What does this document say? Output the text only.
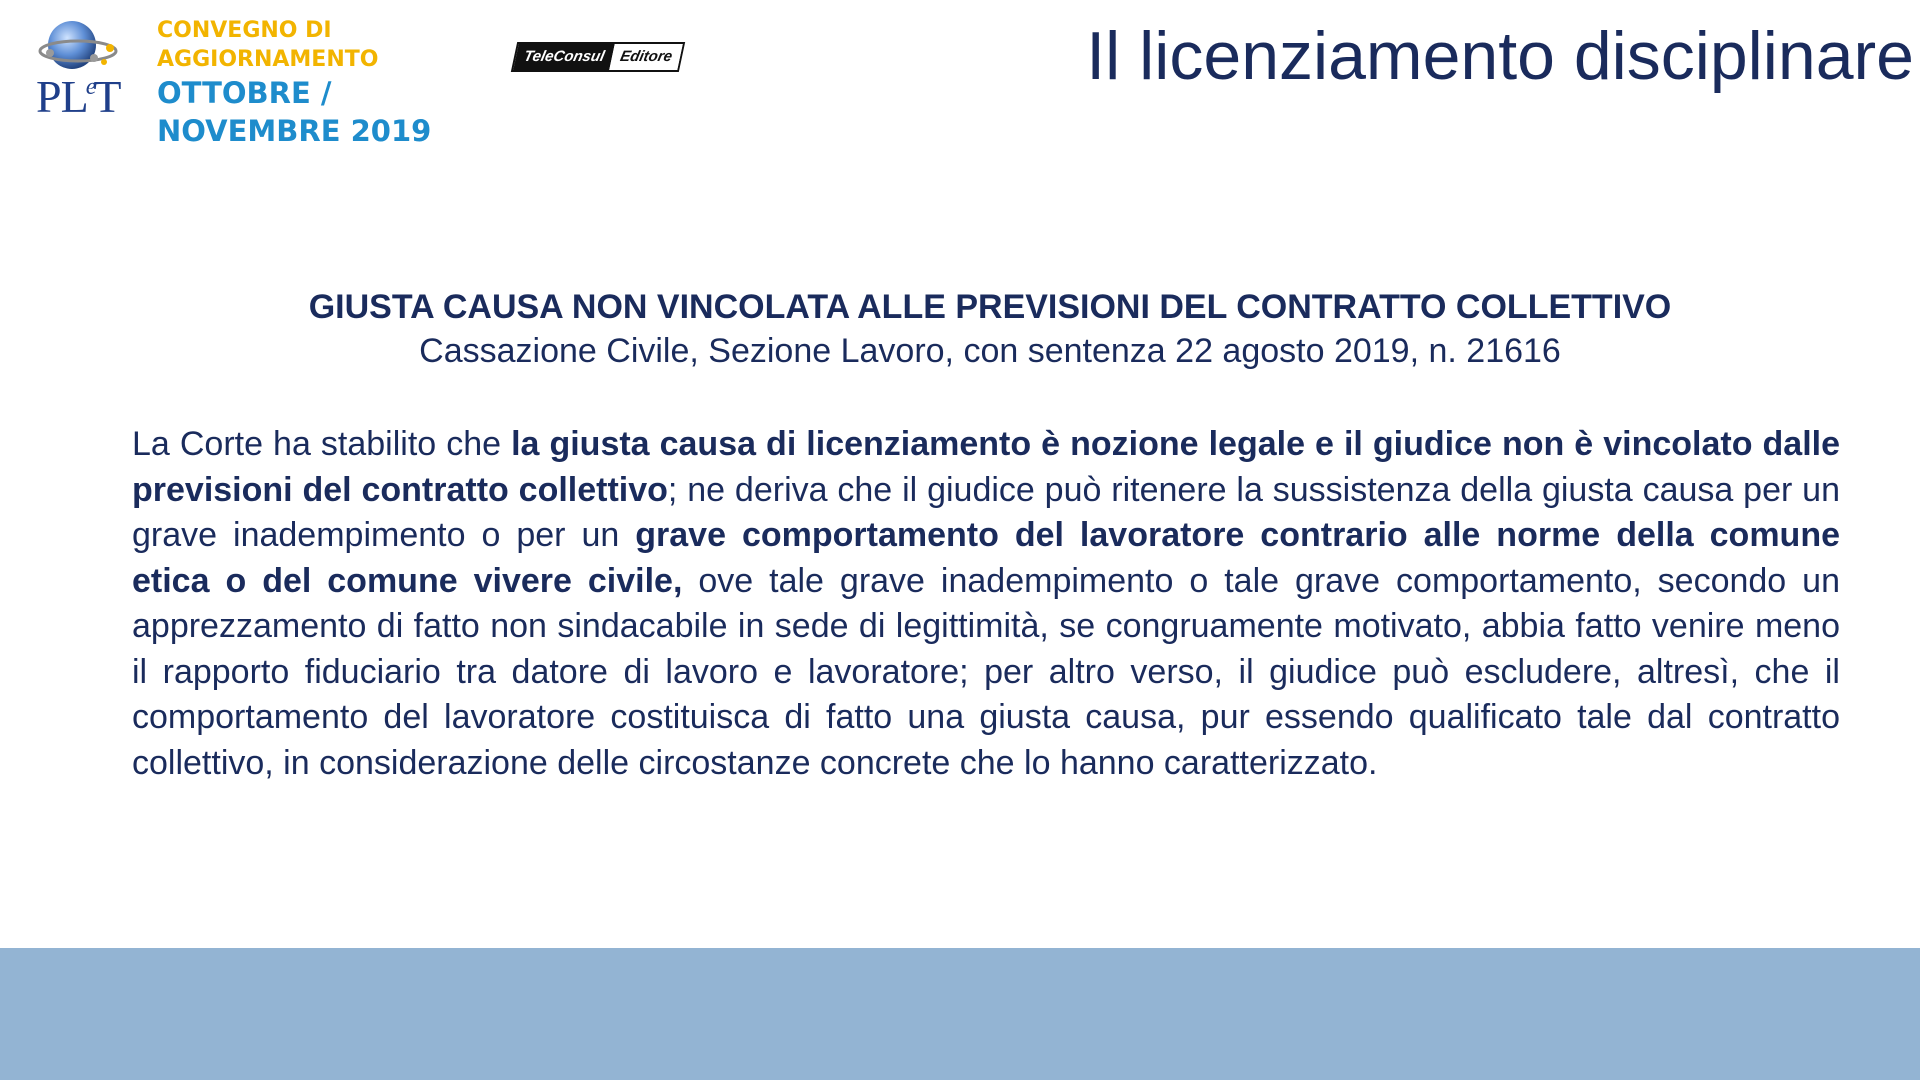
$PL^eT$
CONVEGNO DI
AGGIORNAMENTO
OTTOBRE /
NOVEMBRE 2019
TeleConsul Editore	Il licenziamento disciplinare
GIUSTA CAUSA NON VINCOLATA ALLE PREVISIONI DEL CONTRATTO COLLETTIVO
Cassazione Civile, Sezione Lavoro, con sentenza 22 agosto 2019, n. 21616
La Corte ha stabilito che la giusta causa di licenziamento è nozione legale e il giudice non è vincolato dalle previsioni del contratto collettivo; ne deriva che il giudice può ritenere la sussistenza della giusta causa per un grave inadempimento o per un grave comportamento del lavoratore contrario alle norme della comune etica o del comune vivere civile, ove tale grave inadempimento o tale grave comportamento, secondo un apprezzamento di fatto non sindacabile in sede di legittimità, se congruamente motivato, abbia fatto venire meno il rapporto fiduciario tra datore di lavoro e lavoratore; per altro verso, il giudice può escludere, altresì, che il comportamento del lavoratore costituisca di fatto una giusta causa, pur essendo qualificato tale dal contratto collettivo, in considerazione delle circostanze concrete che lo hanno caratterizzato.
